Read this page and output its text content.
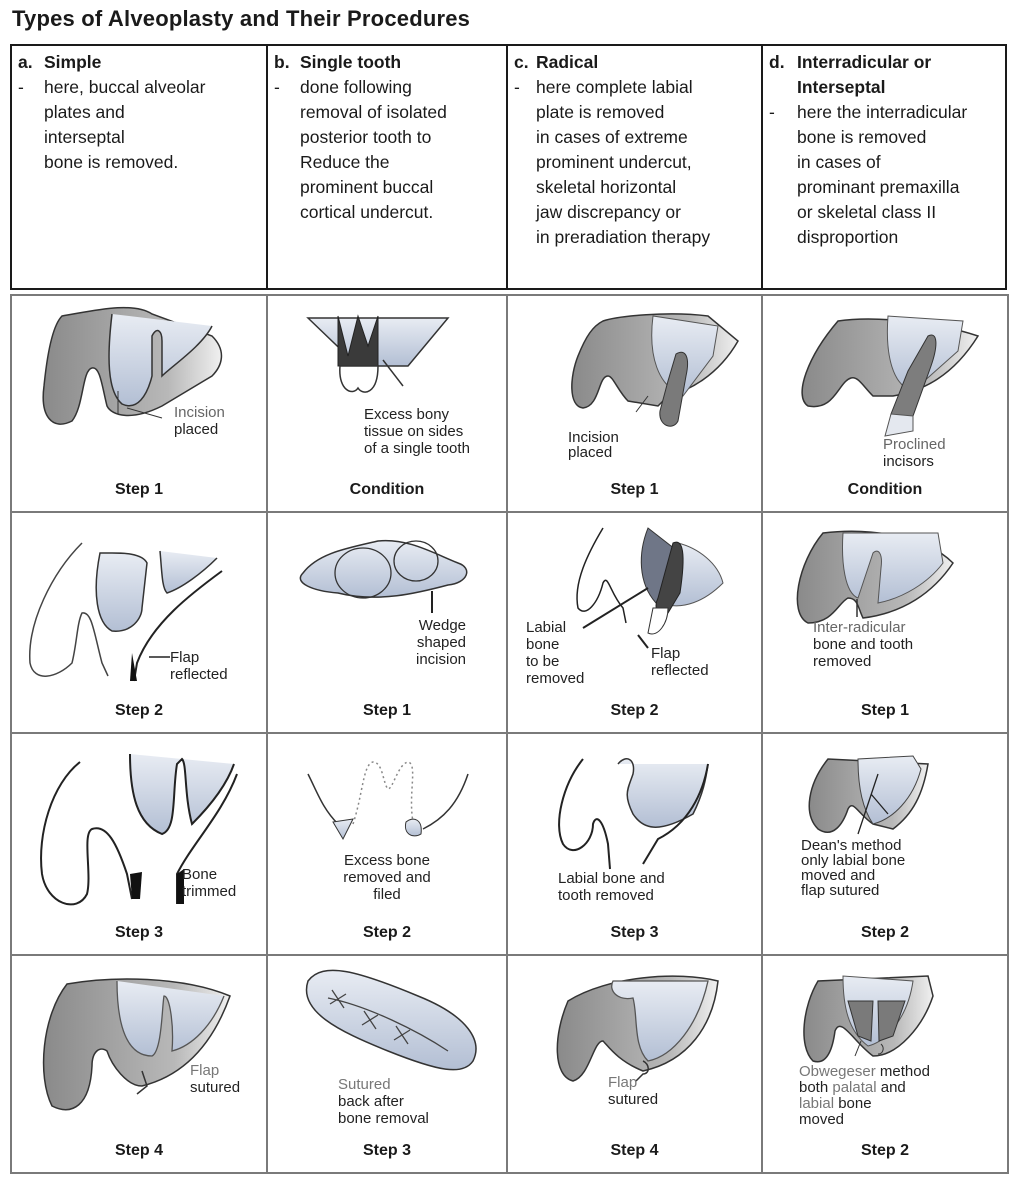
Types of Alveoplasty and Their Procedures
a. Simple
-	here, buccal alveolar
plates and
interseptal
bone is removed.
b. Single tooth
-	done following
removal of isolated
posterior tooth to
Reduce the
prominent buccal
cortical undercut.
c. Radical
- here complete labial
plate is removed
in cases of extreme
prominent undercut,
skeletal horizontal
jaw discrepancy or
in preradiation therapy
d. Interradicular or
Interseptal
-	here the interradicular
bone is removed
in cases of
prominant premaxilla
or skeletal class II
disproportion
Incision
placed
Step 1
Excess bony
tissue on sides
of a single tooth
Condition
Incision
placed
Step 1
Proclined
incisors
Condition
Flap
reflected
Step 2
Wedge
shaped
incision
Step 1
Labial
bone
to be
removed
Flap
reflected
Step 2
Inter-radicular
bone and tooth
removed
Step 1
Bone
trimmed
Step 3
Excess bone
removed and
filed
Step 2
Labial bone and
tooth removed
Step 3
Dean's method
only labial bone
moved and
flap sutured
Step 2
Flap
sutured
Step 4
Sutured
back after
bone removal
Step 3
Flap
sutured
Step 4
Obwegeser method
both palatal and
labial bone
moved
Step 2
